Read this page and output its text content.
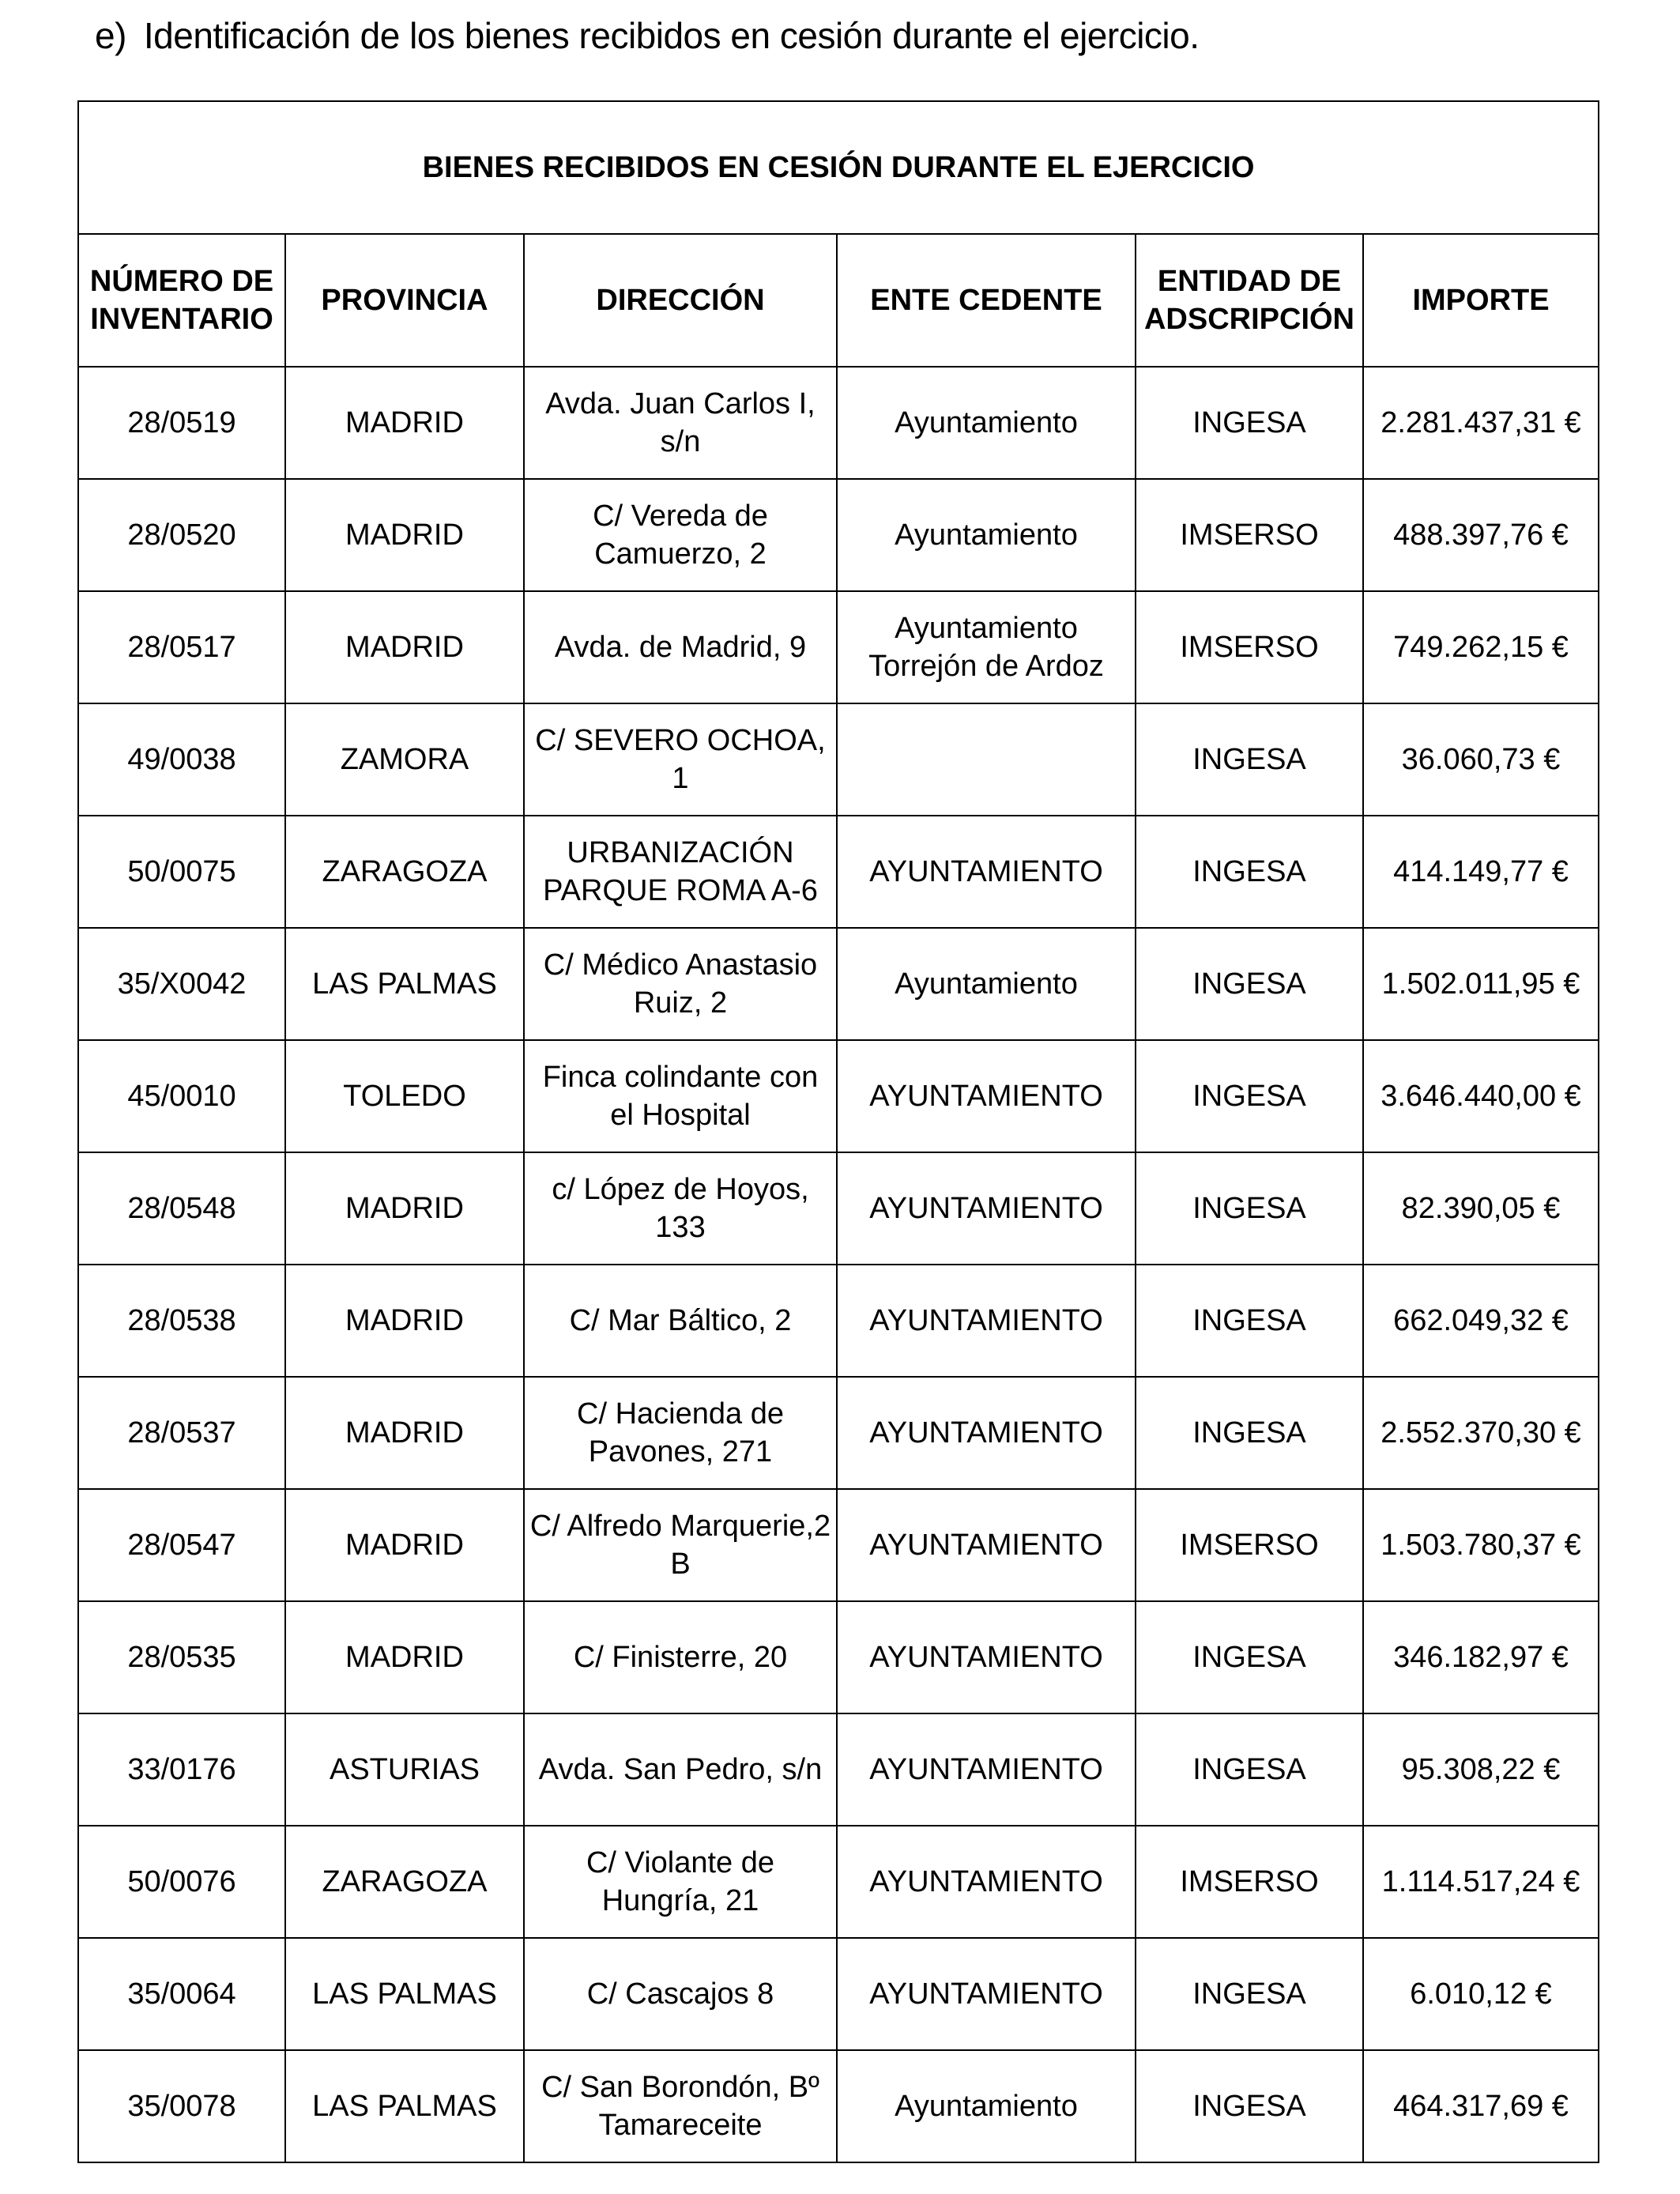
e) Identificación de los bienes recibidos en cesión durante el ejercicio.
BIENES RECIBIDOS EN CESIÓN DURANTE EL EJERCICIO					
NÚMERO DE INVENTARIO	PROVINCIA	DIRECCIÓN	ENTE CEDENTE	ENTIDAD DE ADSCRIPCIÓN	IMPORTE
28/0519	MADRID	Avda. Juan Carlos I, s/n	Ayuntamiento	INGESA	2.281.437,31 €
28/0520	MADRID	C/ Vereda de Camuerzo, 2	Ayuntamiento	IMSERSO	488.397,76 €
28/0517	MADRID	Avda. de Madrid, 9	Ayuntamiento Torrejón de Ardoz	IMSERSO	749.262,15 €
49/0038	ZAMORA	C/ SEVERO OCHOA, 1		INGESA	36.060,73 €
50/0075	ZARAGOZA	URBANIZACIÓN PARQUE ROMA A-6	AYUNTAMIENTO	INGESA	414.149,77 €
35/X0042	LAS PALMAS	C/ Médico Anastasio Ruiz, 2	Ayuntamiento	INGESA	1.502.011,95 €
45/0010	TOLEDO	Finca colindante con el Hospital	AYUNTAMIENTO	INGESA	3.646.440,00 €
28/0548	MADRID	c/ López de Hoyos, 133	AYUNTAMIENTO	INGESA	82.390,05 €
28/0538	MADRID	C/ Mar Báltico, 2	AYUNTAMIENTO	INGESA	662.049,32 €
28/0537	MADRID	C/ Hacienda de Pavones, 271	AYUNTAMIENTO	INGESA	2.552.370,30 €
28/0547	MADRID	C/ Alfredo Marquerie,2 B	AYUNTAMIENTO	IMSERSO	1.503.780,37 €
28/0535	MADRID	C/ Finisterre, 20	AYUNTAMIENTO	INGESA	346.182,97 €
33/0176	ASTURIAS	Avda. San Pedro, s/n	AYUNTAMIENTO	INGESA	95.308,22 €
50/0076	ZARAGOZA	C/ Violante de Hungría, 21	AYUNTAMIENTO	IMSERSO	1.114.517,24 €
35/0064	LAS PALMAS	C/ Cascajos 8	AYUNTAMIENTO	INGESA	6.010,12 €
35/0078	LAS PALMAS	C/ San Borondón, Bº Tamareceite	Ayuntamiento	INGESA	464.317,69 €
